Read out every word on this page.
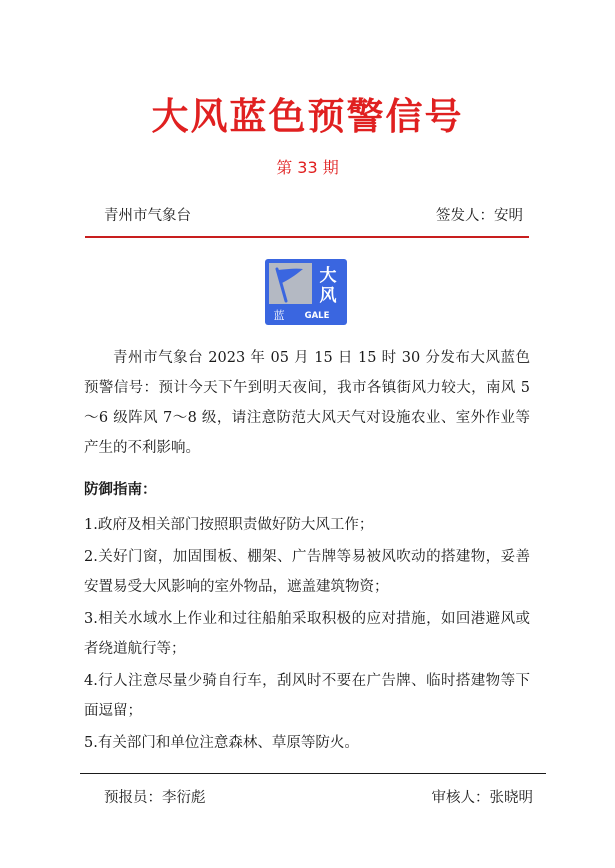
大风蓝色预警信号
第 33 期
青州市气象台	签发人：安明
大
风
蓝 GALE

青州市气象台 2023 年 05 月 15 日 15 时 30 分发布大风蓝色预警信号：预计今天下午到明天夜间，我市各镇街风力较大，南风 5～6 级阵风 7～8 级，请注意防范大风天气对设施农业、室外作业等产生的不利影响。

防御指南：
1.政府及相关部门按照职责做好防大风工作；
2.关好门窗，加固围板、棚架、广告牌等易被风吹动的搭建物，妥善安置易受大风影响的室外物品，遮盖建筑物资；
3.相关水域水上作业和过往船舶采取积极的应对措施，如回港避风或者绕道航行等；
4.行人注意尽量少骑自行车，刮风时不要在广告牌、临时搭建物等下面逗留；
5.有关部门和单位注意森林、草原等防火。
预报员：李衍彪	审核人：张晓明
